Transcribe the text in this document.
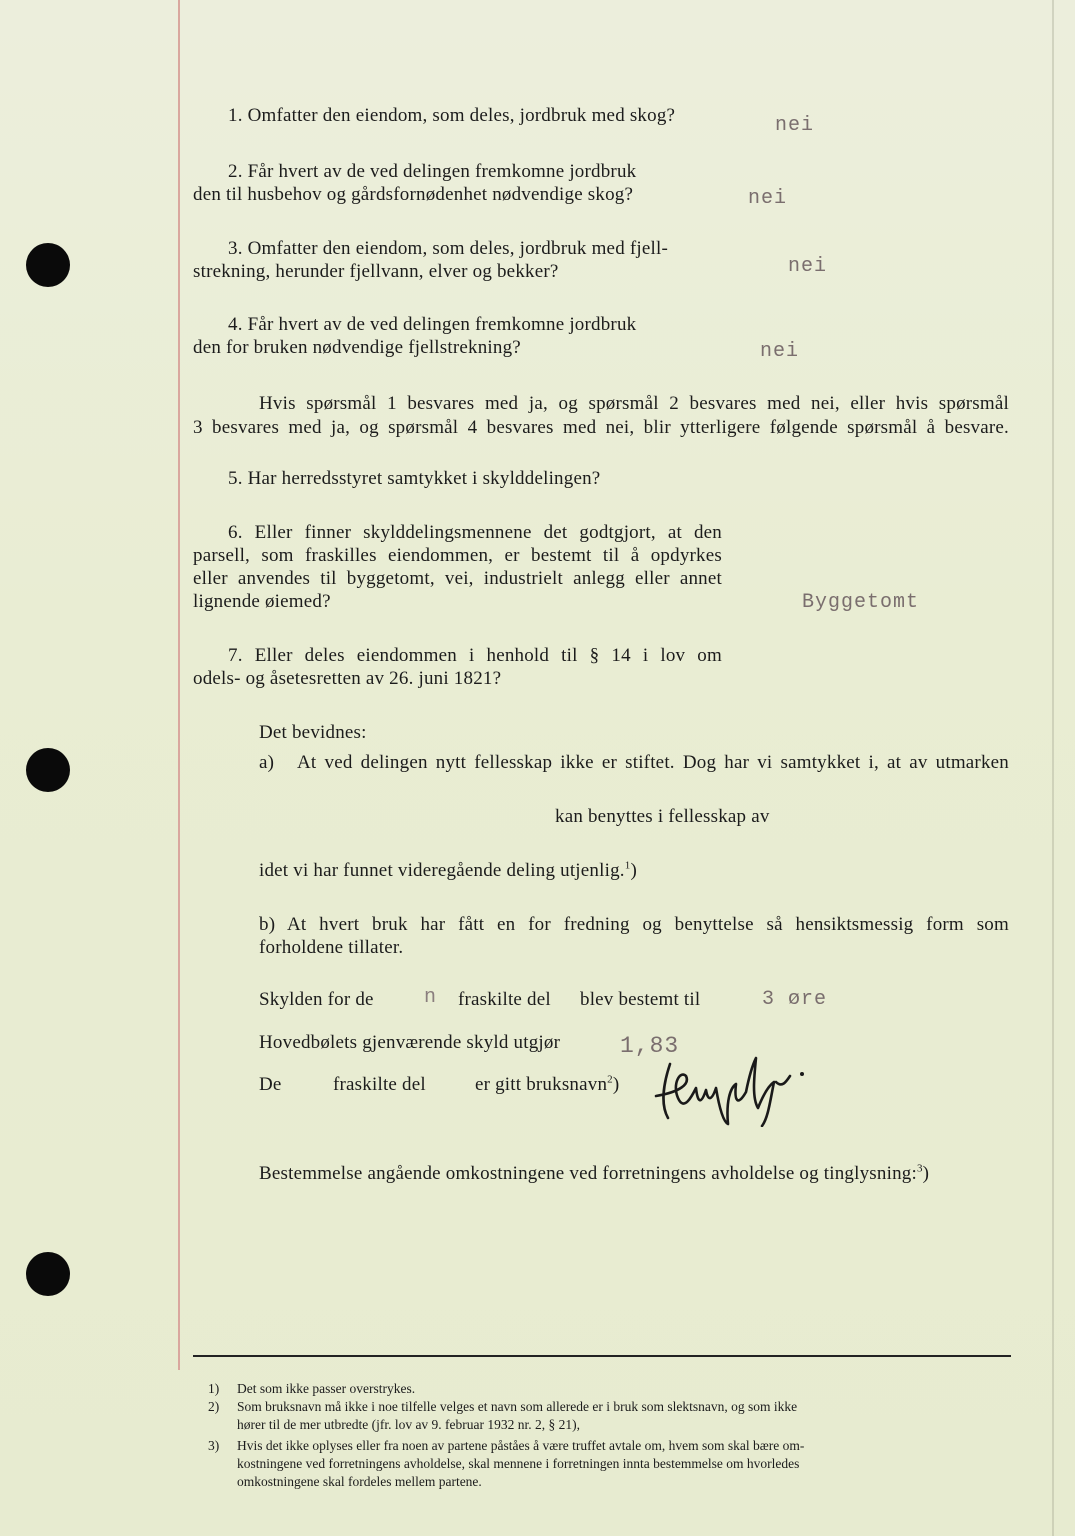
1. Omfatter den eiendom, som deles, jordbruk med skog?	nei
2. Får hvert av de ved delingen fremkomne jordbruk
den til husbehov og gårdsfornødenhet nødvendige skog?	nei
3. Omfatter den eiendom, som deles, jordbruk med fjell-
strekning, herunder fjellvann, elver og bekker?	nei
4. Får hvert av de ved delingen fremkomne jordbruk
den for bruken nødvendige fjellstrekning?	nei
Hvis spørsmål 1 besvares med ja, og spørsmål 2 besvares med nei, eller hvis spørsmål
3 besvares med ja, og spørsmål 4 besvares med nei, blir ytterligere følgende spørsmål å besvare.
5. Har herredsstyret samtykket i skylddelingen?
6. Eller finner skylddelingsmennene det godtgjort, at den
parsell, som fraskilles eiendommen, er bestemt til å opdyrkes
eller anvendes til byggetomt, vei, industrielt anlegg eller annet
lignende øiemed?	Byggetomt
7. Eller deles eiendommen i henhold til § 14 i lov om
odels- og åsetesretten av 26. juni 1821?
Det bevidnes:
a) At ved delingen nytt fellesskap ikke er stiftet. Dog har vi samtykket i, at av utmarken
kan benyttes i fellesskap av
idet vi har funnet videregående deling utjenlig.$^1$)
b) At hvert bruk har fått en for fredning og benyttelse så hensiktsmessig form som
forholdene tillater.
Skylden for de	n fraskilte del blev bestemt til	3 øre
Hovedbølets gjenværende skyld utgjør	1,83
De	fraskilte del	er gitt bruksnavn$^2$)
Bestemmelse angående omkostningene ved forretningens avholdelse og tinglysning:$^3$)
1) Det som ikke passer overstrykes.
2) Som bruksnavn må ikke i noe tilfelle velges et navn som allerede er i bruk som slektsnavn, og som ikke
hører til de mer utbredte (jfr. lov av 9. februar 1932 nr. 2, § 21),
3) Hvis det ikke oplyses eller fra noen av partene påståes å være truffet avtale om, hvem som skal bære om-
kostningene ved forretningens avholdelse, skal mennene i forretningen innta bestemmelse om hvorledes
omkostningene skal fordeles mellem partene.
